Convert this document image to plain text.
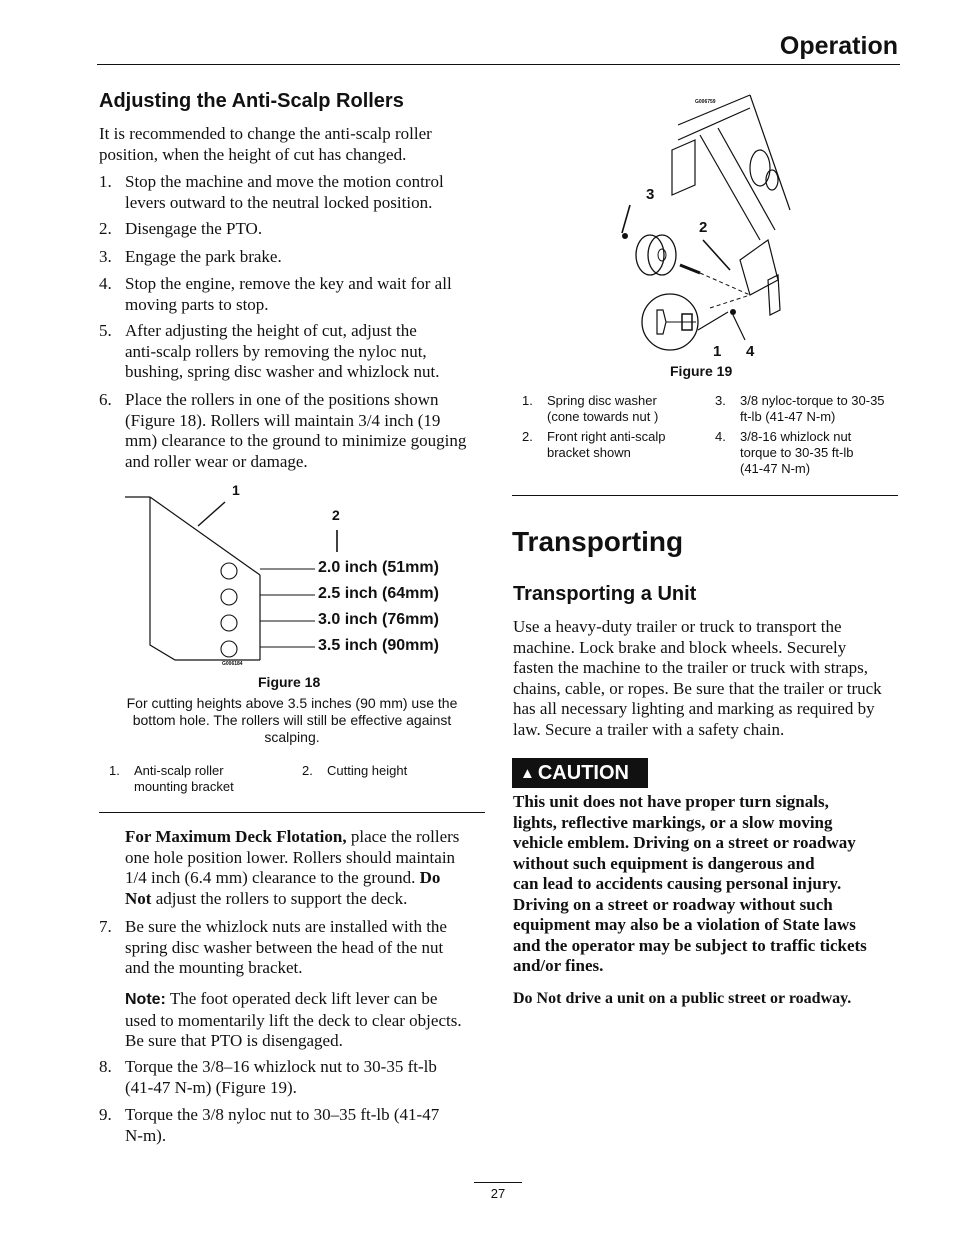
Operation
Adjusting the Anti-Scalp Rollers
It is recommended to change the anti-scalp roller
position, when the height of cut has changed.
1. Stop the machine and move the motion control
levers outward to the neutral locked position.
2. Disengage the PTO.
3. Engage the park brake.
4. Stop the engine, remove the key and wait for all
moving parts to stop.
5. After adjusting the height of cut, adjust the
anti-scalp rollers by removing the nyloc nut,
bushing, spring disc washer and whizlock nut.
6. Place the rollers in one of the positions shown
(Figure 18). Rollers will maintain 3/4 inch (19
mm) clearance to the ground to minimize gouging
and roller wear or damage.
1
2
2.0 inch (51mm)
2.5 inch (64mm)
3.0 inch (76mm)
3.5 inch (90mm)
G006184
Figure 18
For cutting heights above 3.5 inches (90 mm) use the
bottom hole. The rollers will still be effective against
scalping.
1. Anti-scalp roller
mounting bracket
2. Cutting height
For Maximum Deck Flotation, place the rollers
one hole position lower. Rollers should maintain
1/4 inch (6.4 mm) clearance to the ground. Do
Not adjust the rollers to support the deck.
7. Be sure the whizlock nuts are installed with the
spring disc washer between the head of the nut
and the mounting bracket.
Note: The foot operated deck lift lever can be
used to momentarily lift the deck to clear objects.
Be sure that PTO is disengaged.
8. Torque the 3/8–16 whizlock nut to 30-35 ft-lb
(41-47 N-m) (Figure 19).
9. Torque the 3/8 nyloc nut to 30–35 ft-lb (41-47
N-m).
G006759
3
2
1 4
Figure 19
1. Spring disc washer
(cone towards nut )
3. 3/8 nyloc-torque to 30-35
ft-lb (41-47 N-m)
2. Front right anti-scalp
bracket shown
4. 3/8-16 whizlock nut
torque to 30-35 ft-lb
(41-47 N-m)
Transporting
Transporting a Unit
Use a heavy-duty trailer or truck to transport the
machine. Lock brake and block wheels. Securely
fasten the machine to the trailer or truck with straps,
chains, cable, or ropes. Be sure that the trailer or truck
has all necessary lighting and marking as required by
law. Secure a trailer with a safety chain.
▲ CAUTION
This unit does not have proper turn signals,
lights, reflective markings, or a slow moving
vehicle emblem. Driving on a street or roadway
without such equipment is dangerous and
can lead to accidents causing personal injury.
Driving on a street or roadway without such
equipment may also be a violation of State laws
and the operator may be subject to traffic tickets
and/or fines.
Do Not drive a unit on a public street or roadway.
27
